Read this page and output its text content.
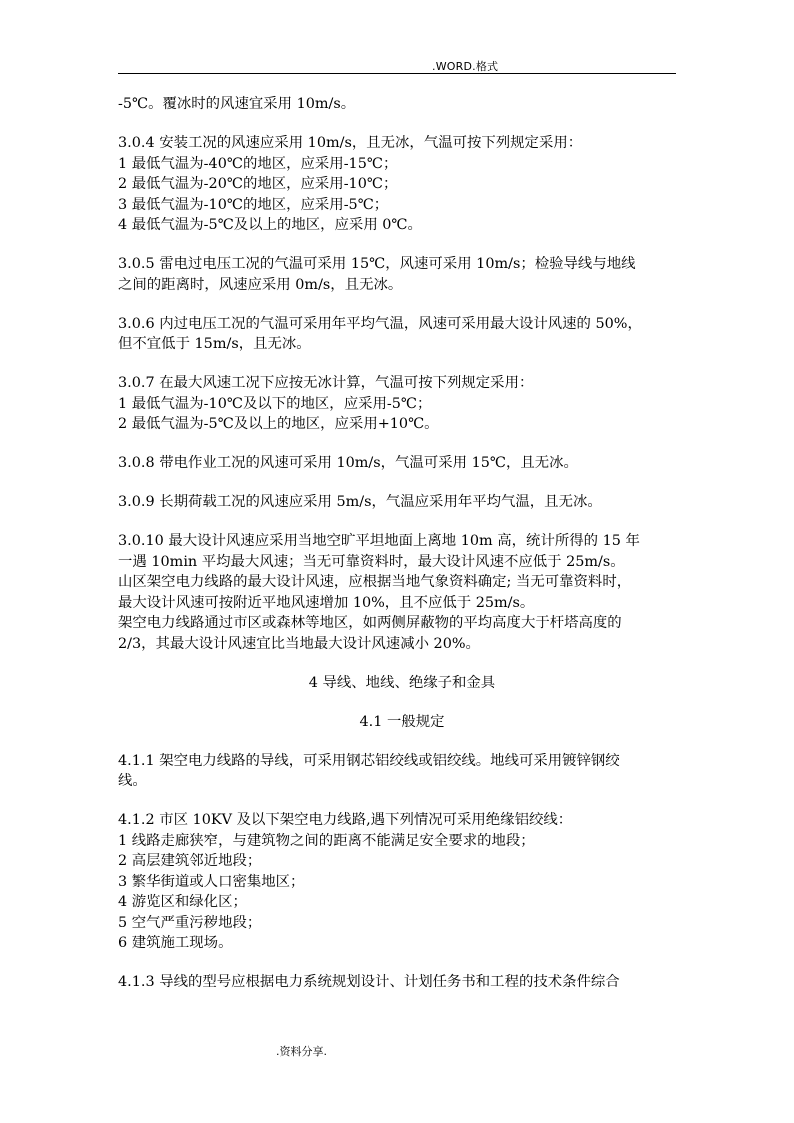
.WORD.格式
-5℃。覆冰时的风速宜采用 10m/s。
3.0.4 安装工况的风速应采用 10m/s，且无冰，气温可按下列规定采用：
1 最低气温为-40℃的地区，应采用-15℃；
2 最低气温为-20℃的地区，应采用-10℃；
3 最低气温为-10℃的地区，应采用-5℃；
4 最低气温为-5℃及以上的地区，应采用 0℃。
3.0.5 雷电过电压工况的气温可采用 15℃，风速可采用 10m/s；检验导线与地线
之间的距离时，风速应采用 0m/s，且无冰。
3.0.6 内过电压工况的气温可采用年平均气温，风速可采用最大设计风速的 50%，
但不宜低于 15m/s，且无冰。
3.0.7 在最大风速工况下应按无冰计算，气温可按下列规定采用：
1 最低气温为-10℃及以下的地区，应采用-5℃；
2 最低气温为-5℃及以上的地区，应采用+10℃。
3.0.8 带电作业工况的风速可采用 10m/s，气温可采用 15℃，且无冰。
3.0.9 长期荷载工况的风速应采用 5m/s，气温应采用年平均气温，且无冰。
3.0.10 最大设计风速应采用当地空旷平坦地面上离地 10m 高，统计所得的 15 年
一遇 10min 平均最大风速；当无可靠资料时，最大设计风速不应低于 25m/s。
山区架空电力线路的最大设计风速，应根据当地气象资料确定; 当无可靠资料时，
最大设计风速可按附近平地风速增加 10%，且不应低于 25m/s。
架空电力线路通过市区或森林等地区，如两侧屏蔽物的平均高度大于杆塔高度的
2/3，其最大设计风速宜比当地最大设计风速减小 20%。
4 导线、地线、绝缘子和金具
4.1 一般规定
4.1.1 架空电力线路的导线，可采用钢芯铝绞线或铝绞线。地线可采用镀锌钢绞
线。
4.1.2 市区 10KV 及以下架空电力线路,遇下列情况可采用绝缘铝绞线：
1 线路走廊狭窄，与建筑物之间的距离不能满足安全要求的地段；
2 高层建筑邻近地段；
3 繁华街道或人口密集地区；
4 游览区和绿化区；
5 空气严重污秽地段；
6 建筑施工现场。
4.1.3 导线的型号应根据电力系统规划设计、计划任务书和工程的技术条件综合
.资料分享.
